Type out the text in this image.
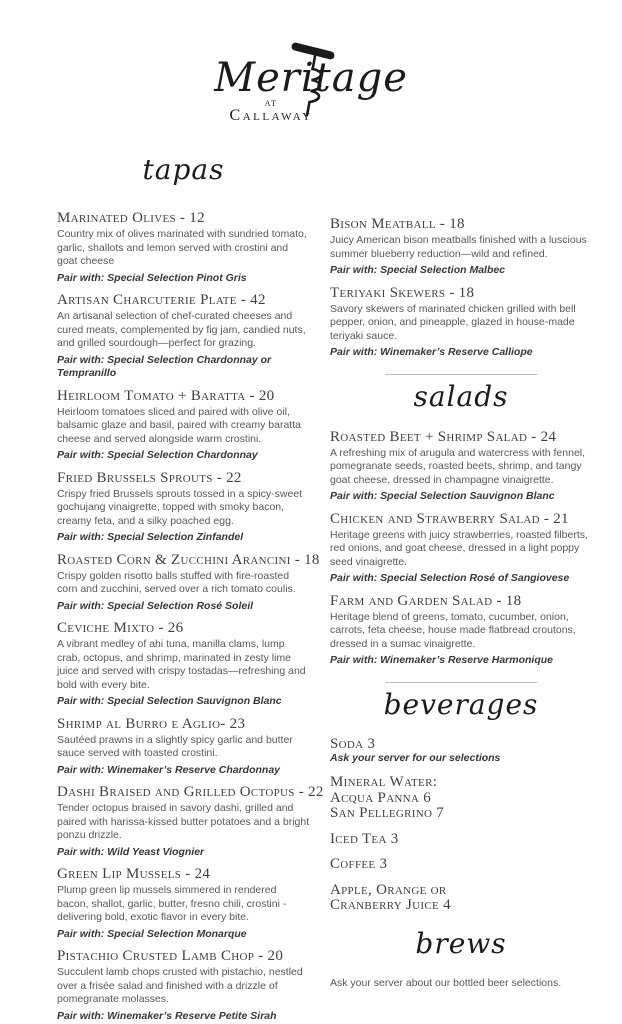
Meritage
AT
Callaway
tapas
Marinated Olives - 12
Country mix of olives marinated with sundried tomato, garlic, shallots and lemon served with crostini and goat cheese
Pair with: Special Selection Pinot Gris
Artisan Charcuterie Plate - 42
An artisanal selection of chef-curated cheeses and cured meats, complemented by fig jam, candied nuts, and grilled sourdough—perfect for grazing.
Pair with: Special Selection Chardonnay or Tempranillo
Heirloom Tomato + Baratta - 20
Heirloom tomatoes sliced and paired with olive oil, balsamic glaze and basil, paired with creamy baratta cheese and served alongside warm crostini.
Pair with: Special Selection Chardonnay
Fried Brussels Sprouts - 22
Crispy fried Brussels sprouts tossed in a spicy-sweet gochujang vinaigrette, topped with smoky bacon, creamy feta, and a silky poached egg.
Pair with: Special Selection Zinfandel
Roasted Corn & Zucchini Arancini - 18
Crispy golden risotto balls stuffed with fire-roasted corn and zucchini, served over a rich tomato coulis.
Pair with: Special Selection Rosé Soleil
Ceviche Mixto - 26
A vibrant medley of ahi tuna, manilla clams, lump crab, octopus, and shrimp, marinated in zesty lime juice and served with crispy tostadas—refreshing and bold with every bite.
Pair with: Special Selection Sauvignon Blanc
Shrimp al Burro e Aglio- 23
Sautéed prawns in a slightly spicy garlic and butter sauce served with toasted crostini.
Pair with: Winemaker’s Reserve Chardonnay
Dashi Braised and Grilled Octopus - 22
Tender octopus braised in savory dashi, grilled and paired with harissa-kissed butter potatoes and a bright ponzu drizzle.
Pair with: Wild Yeast Viognier
Green Lip Mussels - 24
Plump green lip mussels simmered in rendered bacon, shallot, garlic, butter, fresno chili, crostini - delivering bold, exotic flavor in every bite.
Pair with: Special Selection Monarque
Pistachio Crusted Lamb Chop - 20
Succulent lamb chops crusted with pistachio, nestled over a frisée salad and finished with a drizzle of pomegranate molasses.
Pair with: Winemaker’s Reserve Petite Sirah
Bison Meatball - 18
Juicy American bison meatballs finished with a luscious summer blueberry reduction—wild and refined.
Pair with: Special Selection Malbec
Teriyaki Skewers - 18
Savory skewers of marinated chicken grilled with bell pepper, onion, and pineapple, glazed in house-made teriyaki sauce.
Pair with: Winemaker’s Reserve Calliope
salads
Roasted Beet + Shrimp Salad - 24
A refreshing mix of arugula and watercress with fennel, pomegranate seeds, roasted beets, shrimp, and tangy goat cheese, dressed in champagne vinaigrette.
Pair with: Special Selection Sauvignon Blanc
Chicken and Strawberry Salad - 21
Heritage greens with juicy strawberries, roasted filberts, red onions, and goat cheese, dressed in a light poppy seed vinaigrette.
Pair with: Special Selection Rosé of Sangiovese
Farm and Garden Salad - 18
Heritage blend of greens, tomato, cucumber, onion, carrots, feta cheese, house made flatbread croutons, dressed in a sumac vinaigrette.
Pair with: Winemaker’s Reserve Harmonique
beverages
Soda 3
Ask your server for our selections
Mineral Water:
Acqua Panna 6
San Pellegrino 7
Iced Tea 3
Coffee 3
Apple, Orange or
Cranberry Juice 4
brews
Ask your server about our bottled beer selections.
